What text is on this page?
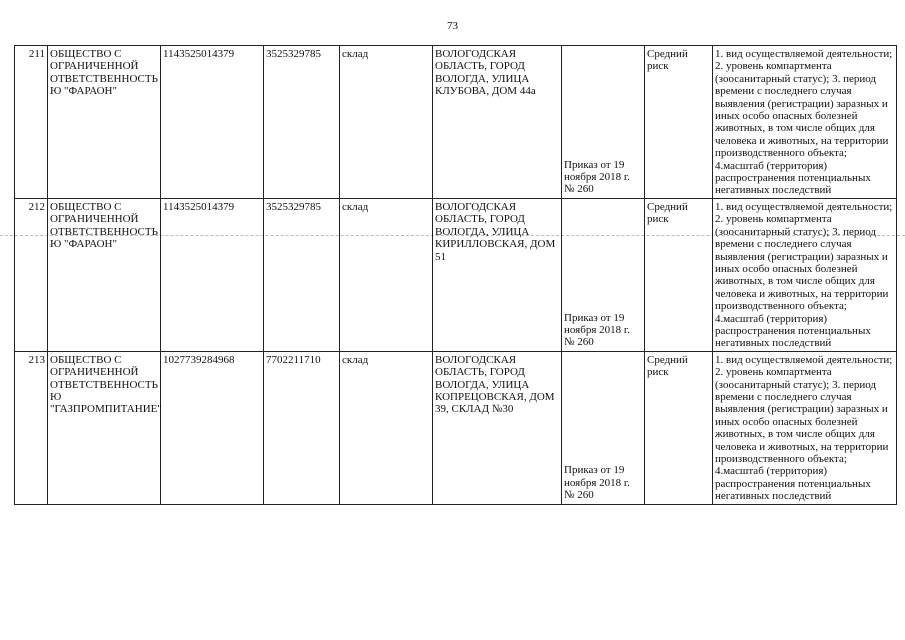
73
211	ОБЩЕСТВО С ОГРАНИЧЕННОЙ ОТВЕТСТВЕННОСТЬ Ю "ФАРАОН"	1143525014379	3525329785	склад	ВОЛОГОДСКАЯ ОБЛАСТЬ, ГОРОД ВОЛОГДА, УЛИЦА КЛУБОВА, ДОМ 44а	Приказ от 19 ноября 2018 г. № 260	Средний риск	1. вид осуществляемой деятельности; 2. уровень компартмента (зоосанитарный статус); 3. период времени с последнего случая выявления (регистрации) заразных и иных особо опасных болезней животных, в том числе общих для человека и животных, на территории производственного объекта; 4.масштаб (территория) распространения потенциальных негативных последствий
212	ОБЩЕСТВО С ОГРАНИЧЕННОЙ ОТВЕТСТВЕННОСТЬ Ю "ФАРАОН"	1143525014379	3525329785	склад	ВОЛОГОДСКАЯ ОБЛАСТЬ, ГОРОД ВОЛОГДА, УЛИЦА КИРИЛЛОВСКАЯ, ДОМ 51	Приказ от 19 ноября 2018 г. № 260	Средний риск	1. вид осуществляемой деятельности; 2. уровень компартмента (зоосанитарный статус); 3. период времени с последнего случая выявления (регистрации) заразных и иных особо опасных болезней животных, в том числе общих для человека и животных, на территории производственного объекта; 4.масштаб (территория) распространения потенциальных негативных последствий
213	ОБЩЕСТВО С ОГРАНИЧЕННОЙ ОТВЕТСТВЕННОСТЬ Ю "ГАЗПРОМПИТАНИЕ"	1027739284968	7702211710	склад	ВОЛОГОДСКАЯ ОБЛАСТЬ, ГОРОД ВОЛОГДА, УЛИЦА КОПРЕЦОВСКАЯ, ДОМ 39, СКЛАД №30	Приказ от 19 ноября 2018 г. № 260	Средний риск	1. вид осуществляемой деятельности; 2. уровень компартмента (зоосанитарный статус); 3. период времени с последнего случая выявления (регистрации) заразных и иных особо опасных болезней животных, в том числе общих для человека и животных, на территории производственного объекта; 4.масштаб (территория) распространения потенциальных негативных последствий
